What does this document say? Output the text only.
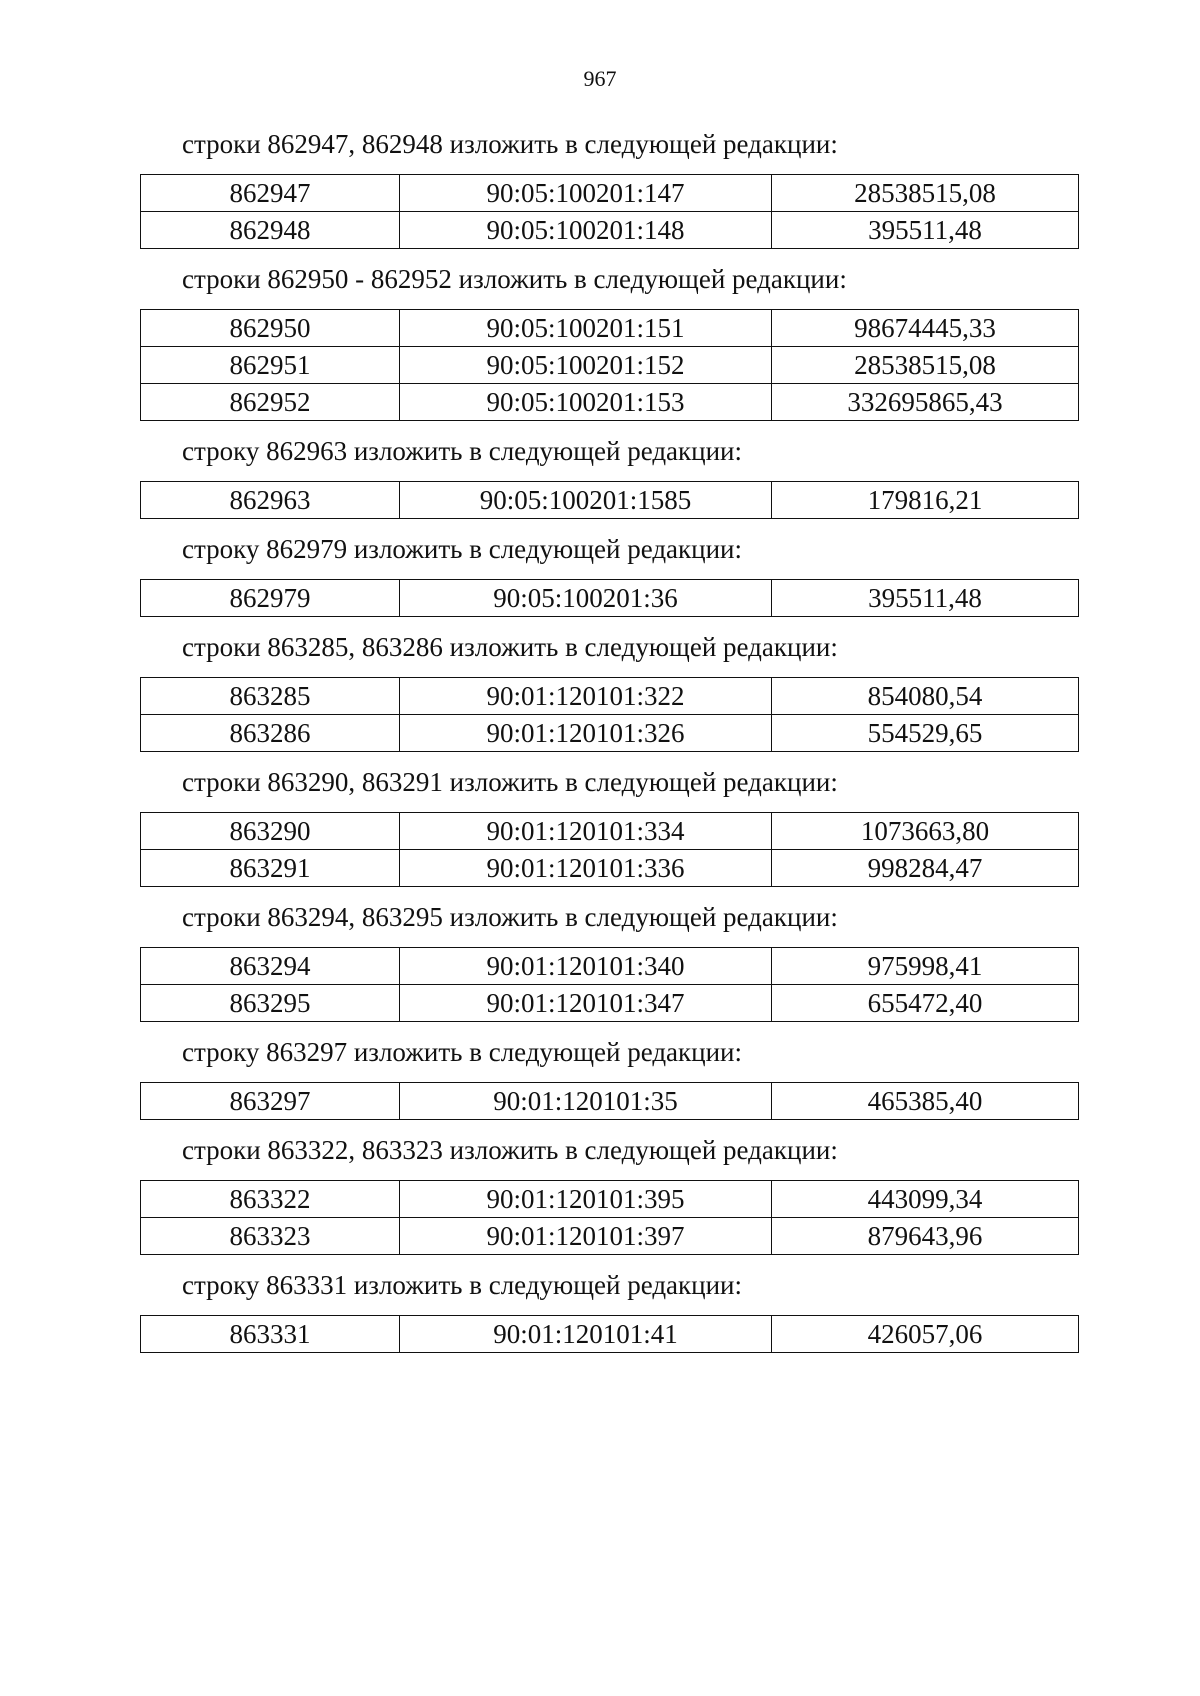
967
строки 862947, 862948 изложить в следующей редакции:
862947	90:05:100201:147	28538515,08
862948	90:05:100201:148	395511,48
строки 862950 - 862952 изложить в следующей редакции:
862950	90:05:100201:151	98674445,33
862951	90:05:100201:152	28538515,08
862952	90:05:100201:153	332695865,43
строку 862963 изложить в следующей редакции:
862963	90:05:100201:1585	179816,21
строку 862979 изложить в следующей редакции:
862979	90:05:100201:36	395511,48
строки 863285, 863286 изложить в следующей редакции:
863285	90:01:120101:322	854080,54
863286	90:01:120101:326	554529,65
строки 863290, 863291 изложить в следующей редакции:
863290	90:01:120101:334	1073663,80
863291	90:01:120101:336	998284,47
строки 863294, 863295 изложить в следующей редакции:
863294	90:01:120101:340	975998,41
863295	90:01:120101:347	655472,40
строку 863297 изложить в следующей редакции:
863297	90:01:120101:35	465385,40
строки 863322, 863323 изложить в следующей редакции:
863322	90:01:120101:395	443099,34
863323	90:01:120101:397	879643,96
строку 863331 изложить в следующей редакции:
863331	90:01:120101:41	426057,06
